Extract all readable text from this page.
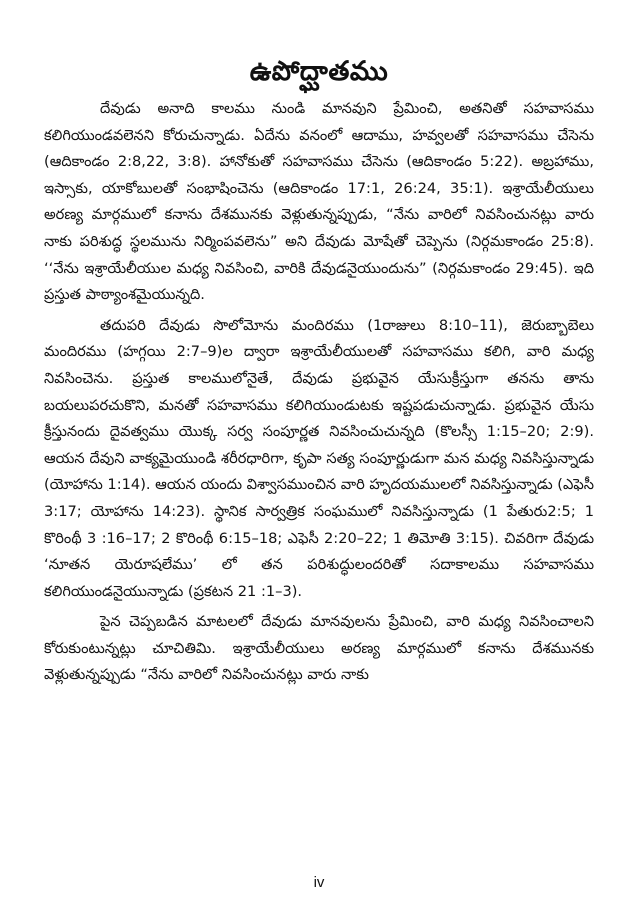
ఉపోద్ఘాతము

దేవుడు అనాది కాలము నుండి మానవుని ప్రేమించి, అతనితో సహవాసము కలిగియుండవలెనని కోరుచున్నాడు. ఏదేను వనంలో ఆదాము, హవ్వలతో సహవాసము చేసెను (ఆదికాండం 2:8,22, 3:8). హానోకుతో సహవాసము చేసెను (ఆదికాండం 5:22). అబ్రహాము, ఇస్సాకు, యాకోబులతో సంభాషించెను (ఆదికాండం 17:1, 26:24, 35:1). ఇశ్రాయేలీయులు అరణ్య మార్గములో కనాను దేశమునకు వెళ్లుతున్నప్పుడు, “నేను వారిలో నివసించునట్లు వారు నాకు పరిశుద్ధ స్థలమును నిర్మింపవలెను” అని దేవుడు మోషేతో చెప్పెను (నిర్గమకాండం 25:8). ‘‘నేను ఇశ్రాయేలీయుల మధ్య నివసించి, వారికి దేవుడనైయుందును” (నిర్గమకాండం 29:45). ఇది ప్రస్తుత పాఠ్యాంశమైయున్నది.

తదుపరి దేవుడు సొలోమోను మందిరము (1రాజులు 8:10–11), జెరుబ్బాబెలు మందిరము (హగ్గయి 2:7–9)ల ద్వారా ఇశ్రాయేలీయులతో సహవాసము కలిగి, వారి మధ్య నివసించెను. ప్రస్తుత కాలములోనైతే, దేవుడు ప్రభువైన యేసుక్రీస్తుగా తనను తాను బయలుపరచుకొని, మనతో సహవాసము కలిగియుండుటకు ఇష్టపడుచున్నాడు. ప్రభువైన యేసు క్రీస్తునందు దైవత్వము యొక్క సర్వ సంపూర్ణత నివసించుచున్నది (కొలస్సీ 1:15–20; 2:9). ఆయన దేవుని వాక్యమైయుండి శరీరధారిగా, కృపా సత్య సంపూర్ణుడుగా మన మధ్య నివసిస్తున్నాడు (యోహాను 1:14). ఆయన యందు విశ్వాసముంచిన వారి హృదయములలో నివసిస్తున్నాడు (ఎఫెసీ 3:17; యోహాను 14:23). స్థానిక సార్వత్రిక సంఘములో నివసిస్తున్నాడు (1 పేతురు2:5; 1 కొరింథీ 3 :16–17; 2 కొరింథీ 6:15–18; ఎఫెసీ 2:20–22; 1 తిమోతి 3:15). చివరిగా దేవుడు ‘నూతన యెరూషలేము’ లో తన పరిశుద్ధులందరితో సదాకాలము సహవాసము కలిగియుండనైయున్నాడు (ప్రకటన 21 :1–3).

పైన చెప్పబడిన మాటలలో దేవుడు మానవులను ప్రేమించి, వారి మధ్య నివసించాలని కోరుకుంటున్నట్లు చూచితిమి. ఇశ్రాయేలీయులు అరణ్య మార్గములో కనాను దేశమునకు వెళ్లుతున్నప్పుడు “నేను వారిలో నివసించునట్లు వారు నాకు

iv
